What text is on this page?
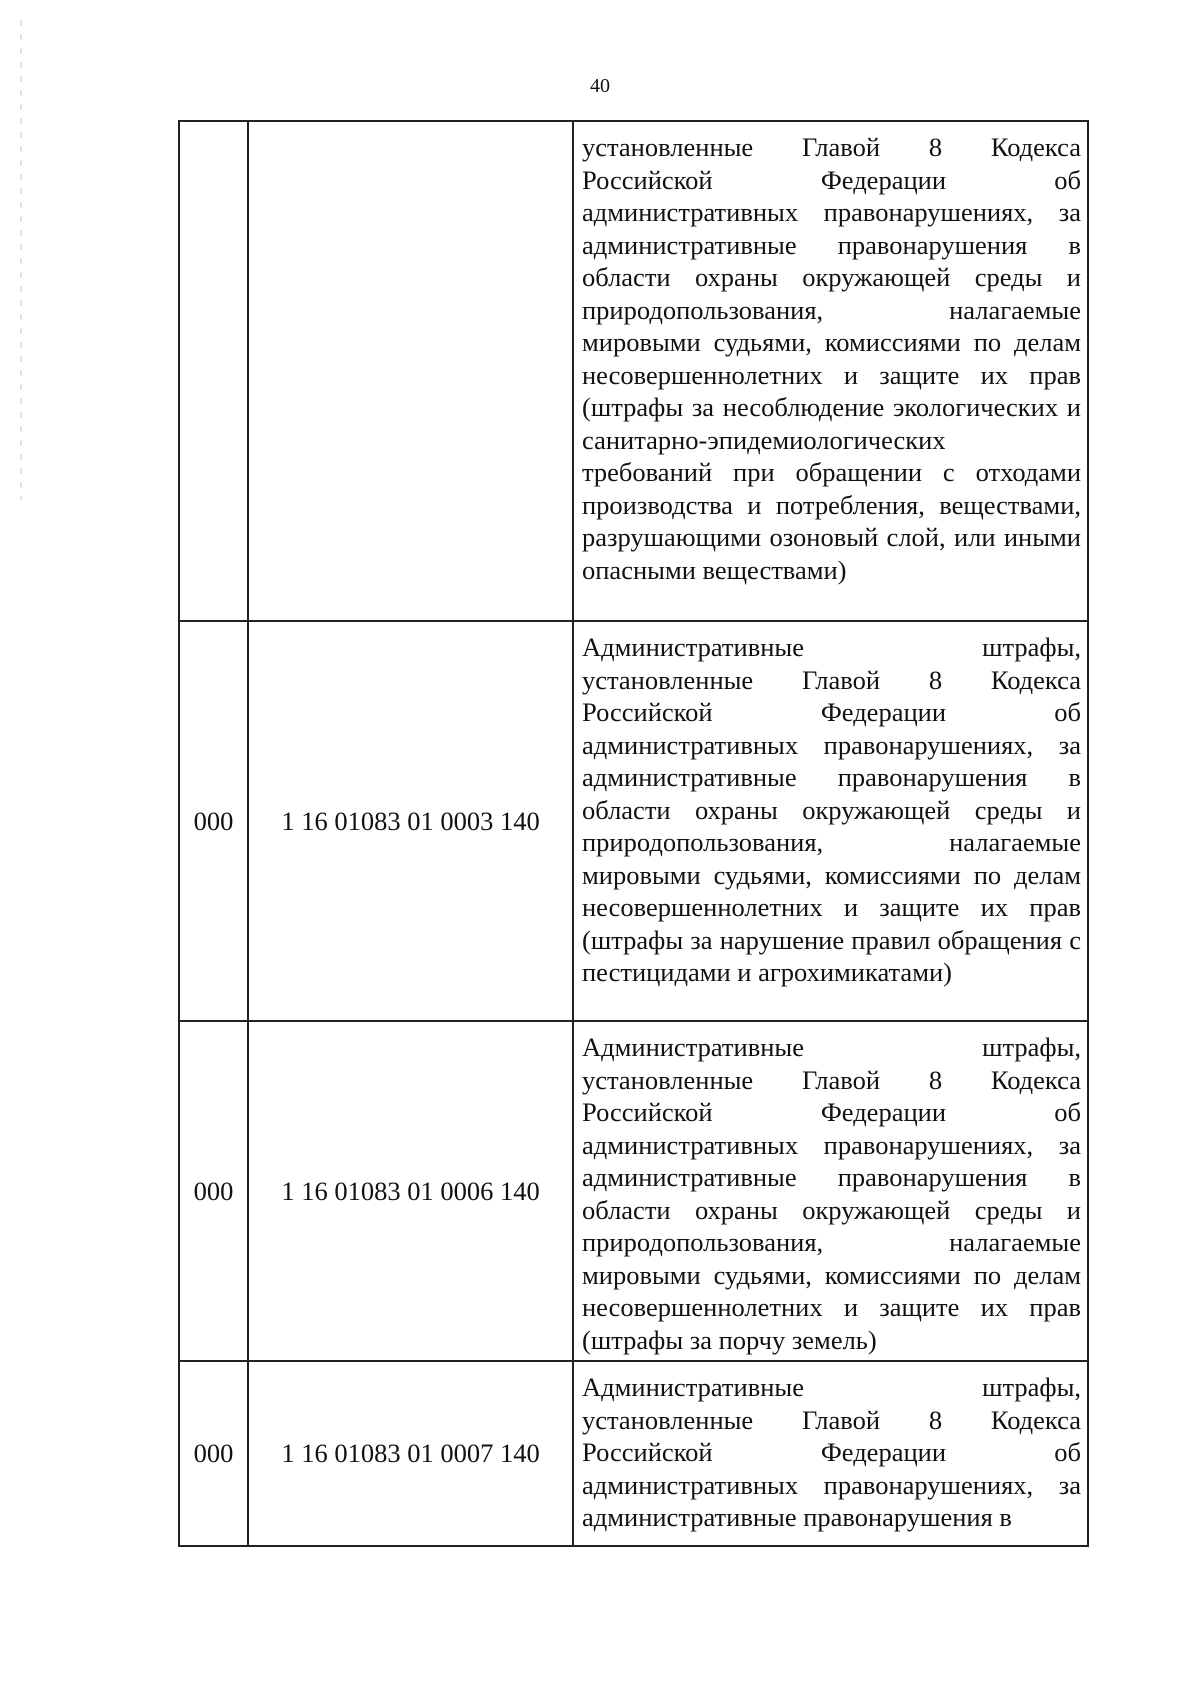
40

		установленные Главой 8 Кодекса Российской Федерации об административных правонарушениях, за административные правонарушения в области охраны окружающей среды и природопользования, налагаемые мировыми судьями, комиссиями по делам несовершеннолетних и защите их прав (штрафы за несоблюдение экологических и санитарно-эпидемиологических требований при обращении с отходами производства и потребления, веществами, разрушающими озоновый слой, или иными опасными веществами)

000	1 16 01083 01 0003 140	Административные штрафы, установленные Главой 8 Кодекса Российской Федерации об административных правонарушениях, за административные правонарушения в области охраны окружающей среды и природопользования, налагаемые мировыми судьями, комиссиями по делам несовершеннолетних и защите их прав (штрафы за нарушение правил обращения с пестицидами и агрохимикатами)

000	1 16 01083 01 0006 140	Административные штрафы, установленные Главой 8 Кодекса Российской Федерации об административных правонарушениях, за административные правонарушения в области охраны окружающей среды и природопользования, налагаемые мировыми судьями, комиссиями по делам несовершеннолетних и защите их прав (штрафы за порчу земель)

000	1 16 01083 01 0007 140	Административные штрафы, установленные Главой 8 Кодекса Российской Федерации об административных правонарушениях, за административные правонарушения в
